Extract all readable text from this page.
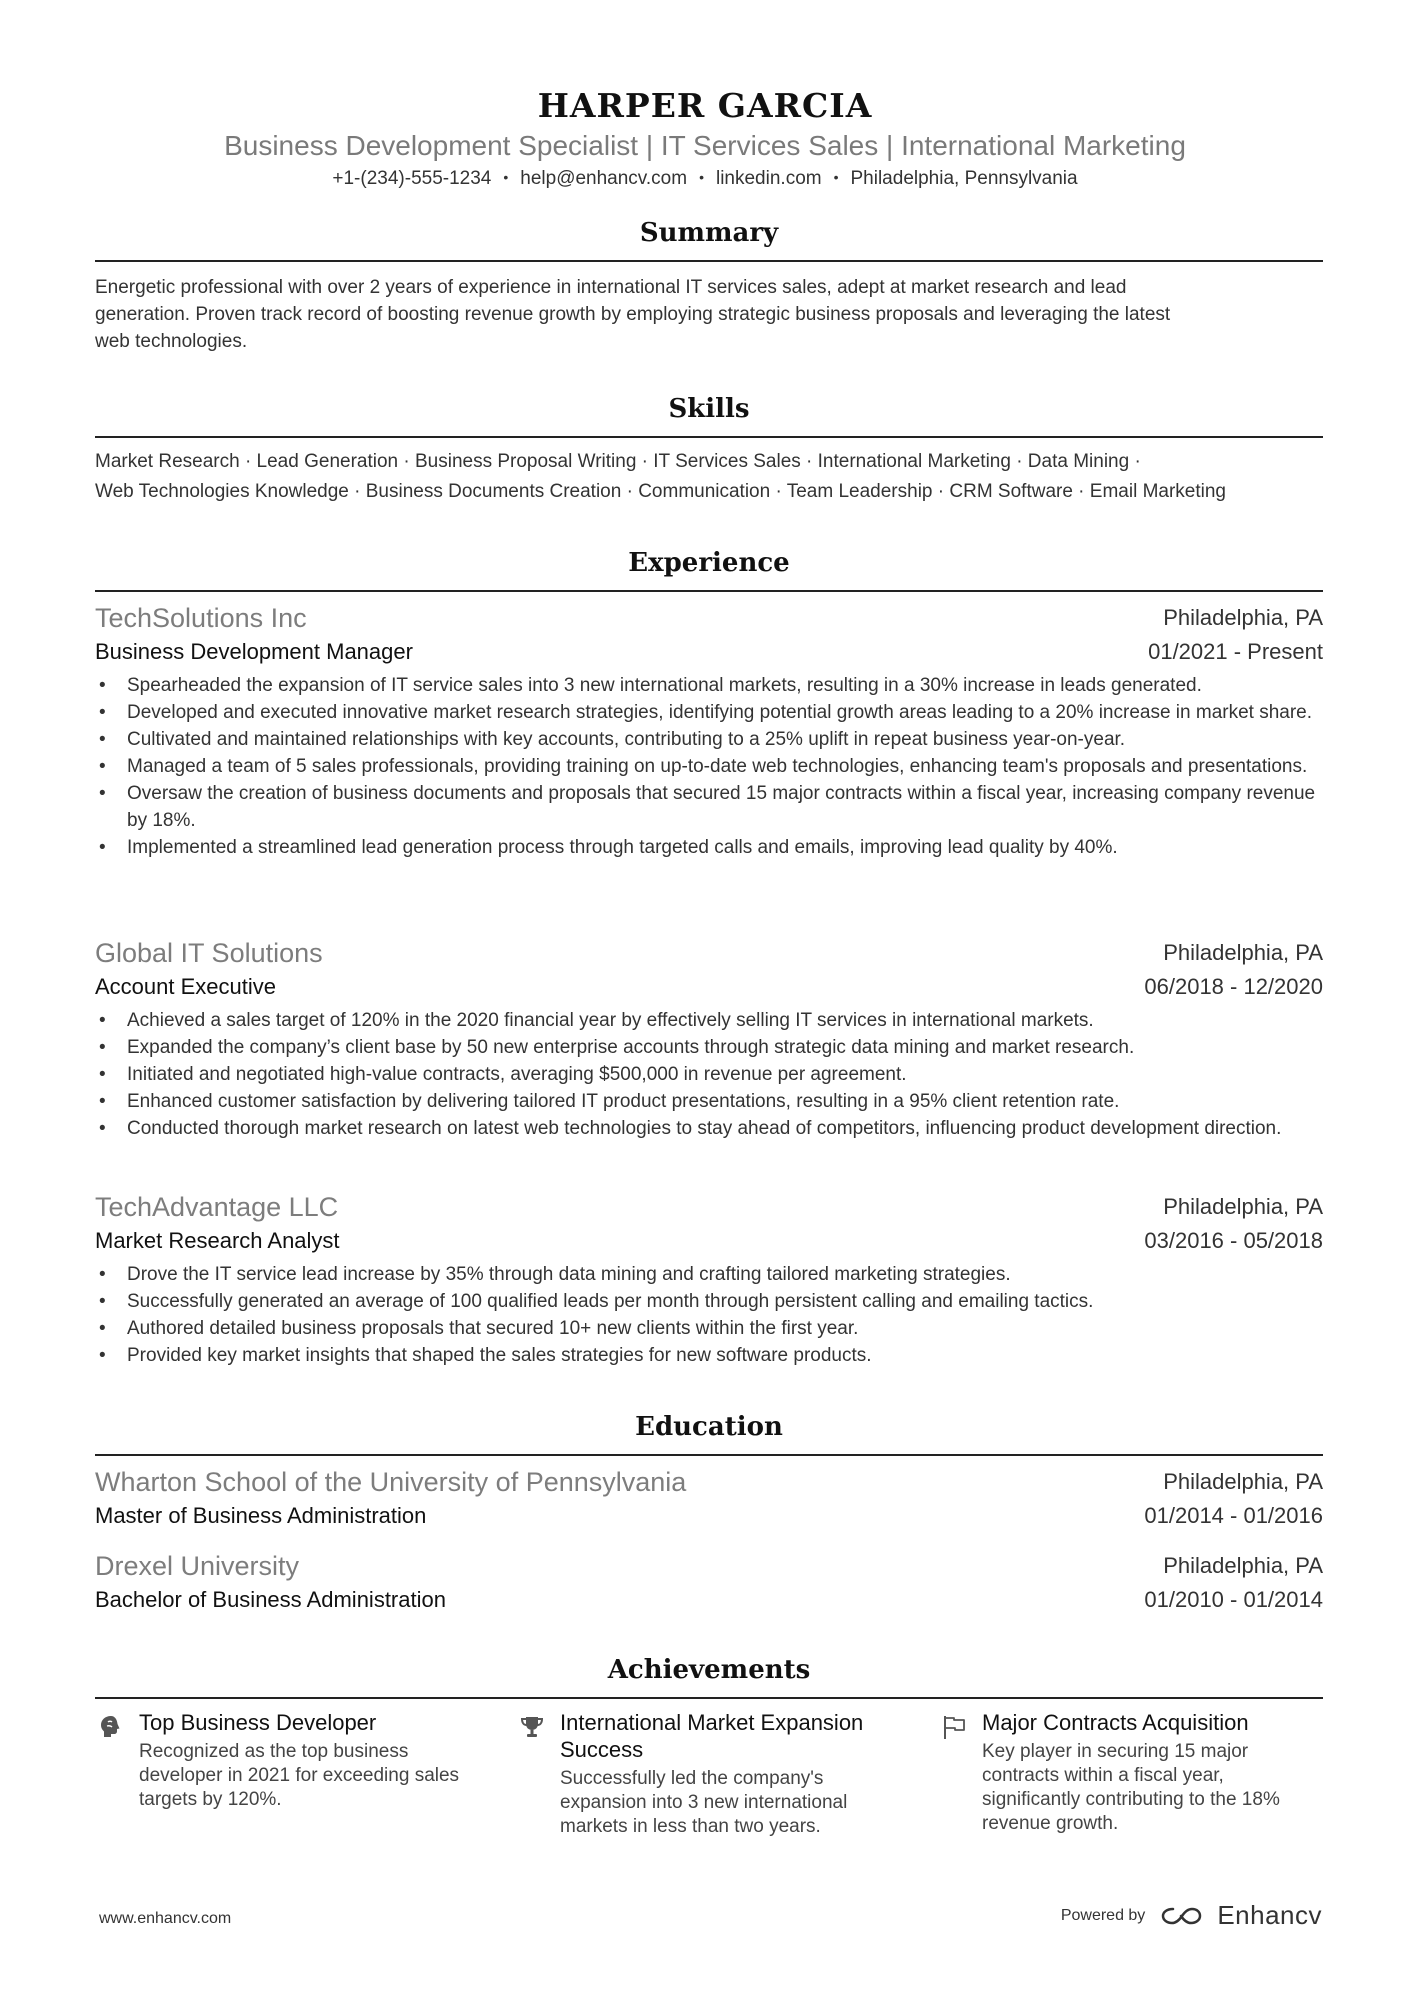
HARPER GARCIA
Business Development Specialist | IT Services Sales | International Marketing
+1-(234)-555-1234 • help@enhancv.com • linkedin.com • Philadelphia, Pennsylvania
Summary
Energetic professional with over 2 years of experience in international IT services sales, adept at market research and lead
generation. Proven track record of boosting revenue growth by employing strategic business proposals and leveraging the latest
web technologies.
Skills
Market Research · Lead Generation · Business Proposal Writing · IT Services Sales · International Marketing · Data Mining ·
Web Technologies Knowledge · Business Documents Creation · Communication · Team Leadership · CRM Software · Email Marketing
Experience
TechSolutions Inc	Philadelphia, PA
Business Development Manager	01/2021 - Present
• Spearheaded the expansion of IT service sales into 3 new international markets, resulting in a 30% increase in leads generated.
• Developed and executed innovative market research strategies, identifying potential growth areas leading to a 20% increase in market share.
• Cultivated and maintained relationships with key accounts, contributing to a 25% uplift in repeat business year-on-year.
• Managed a team of 5 sales professionals, providing training on up-to-date web technologies, enhancing team's proposals and presentations.
• Oversaw the creation of business documents and proposals that secured 15 major contracts within a fiscal year, increasing company revenue by 18%.
• Implemented a streamlined lead generation process through targeted calls and emails, improving lead quality by 40%.
Global IT Solutions	Philadelphia, PA
Account Executive	06/2018 - 12/2020
• Achieved a sales target of 120% in the 2020 financial year by effectively selling IT services in international markets.
• Expanded the company’s client base by 50 new enterprise accounts through strategic data mining and market research.
• Initiated and negotiated high-value contracts, averaging $500,000 in revenue per agreement.
• Enhanced customer satisfaction by delivering tailored IT product presentations, resulting in a 95% client retention rate.
• Conducted thorough market research on latest web technologies to stay ahead of competitors, influencing product development direction.
TechAdvantage LLC	Philadelphia, PA
Market Research Analyst	03/2016 - 05/2018
• Drove the IT service lead increase by 35% through data mining and crafting tailored marketing strategies.
• Successfully generated an average of 100 qualified leads per month through persistent calling and emailing tactics.
• Authored detailed business proposals that secured 10+ new clients within the first year.
• Provided key market insights that shaped the sales strategies for new software products.
Education
Wharton School of the University of Pennsylvania	Philadelphia, PA
Master of Business Administration	01/2014 - 01/2016
Drexel University	Philadelphia, PA
Bachelor of Business Administration	01/2010 - 01/2014
Achievements
Top Business Developer
Recognized as the top business developer in 2021 for exceeding sales targets by 120%.
International Market Expansion Success
Successfully led the company's expansion into 3 new international markets in less than two years.
Major Contracts Acquisition
Key player in securing 15 major contracts within a fiscal year, significantly contributing to the 18% revenue growth.
www.enhancv.com	Powered by	Enhancv
